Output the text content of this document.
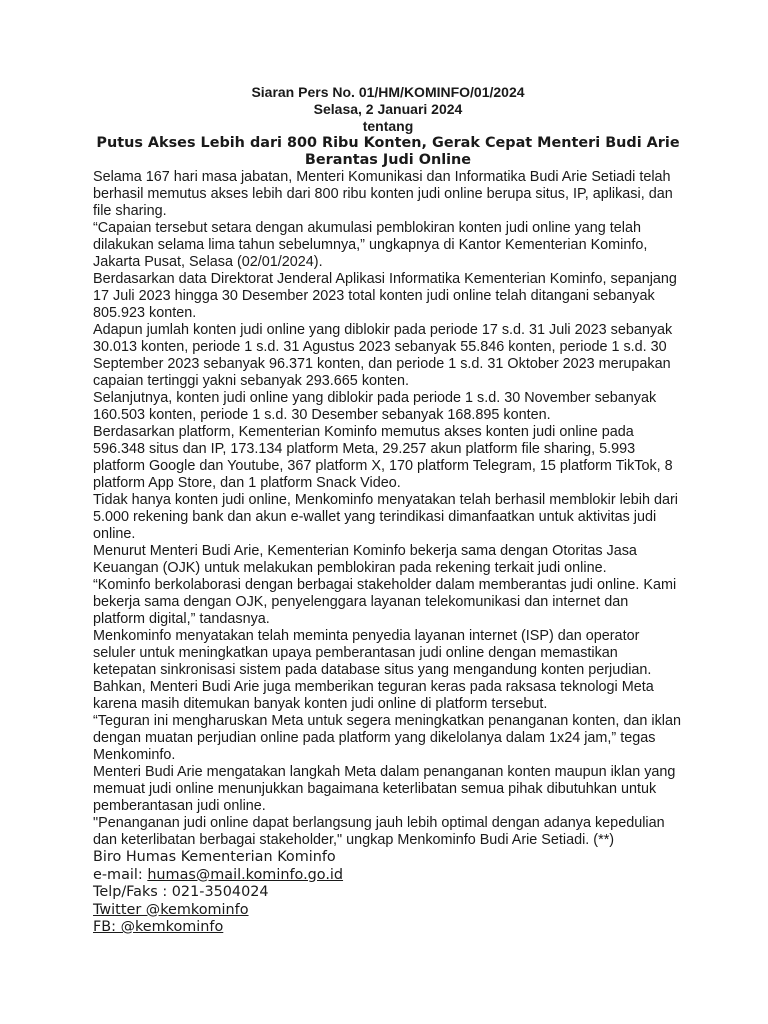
Siaran Pers No. 01/HM/KOMINFO/01/2024
Selasa, 2 Januari 2024
tentang
Putus Akses Lebih dari 800 Ribu Konten, Gerak Cepat Menteri Budi Arie Berantas Judi Online

Selama 167 hari masa jabatan, Menteri Komunikasi dan Informatika Budi Arie Setiadi telah berhasil memutus akses lebih dari 800 ribu konten judi online berupa situs, IP, aplikasi, dan file sharing.

“Capaian tersebut setara dengan akumulasi pemblokiran konten judi online yang telah dilakukan selama lima tahun sebelumnya,” ungkapnya di Kantor Kementerian Kominfo, Jakarta Pusat, Selasa (02/01/2024).

Berdasarkan data Direktorat Jenderal Aplikasi Informatika Kementerian Kominfo, sepanjang 17 Juli 2023 hingga 30 Desember 2023 total konten judi online telah ditangani sebanyak 805.923 konten.

Adapun jumlah konten judi online yang diblokir pada periode 17 s.d. 31 Juli 2023 sebanyak 30.013 konten, periode 1 s.d. 31 Agustus 2023 sebanyak 55.846 konten, periode 1 s.d. 30 September 2023 sebanyak 96.371 konten, dan periode 1 s.d. 31 Oktober 2023 merupakan capaian tertinggi yakni sebanyak 293.665 konten.

Selanjutnya, konten judi online yang diblokir pada periode 1 s.d. 30 November sebanyak 160.503 konten, periode 1 s.d. 30 Desember sebanyak 168.895 konten.

Berdasarkan platform, Kementerian Kominfo memutus akses konten judi online pada 596.348 situs dan IP, 173.134 platform Meta, 29.257 akun platform file sharing, 5.993 platform Google dan Youtube, 367 platform X, 170 platform Telegram, 15 platform TikTok, 8 platform App Store, dan 1 platform Snack Video.

Tidak hanya konten judi online, Menkominfo menyatakan telah berhasil memblokir lebih dari 5.000 rekening bank dan akun e-wallet yang terindikasi dimanfaatkan untuk aktivitas judi online.

Menurut Menteri Budi Arie, Kementerian Kominfo bekerja sama dengan Otoritas Jasa Keuangan (OJK) untuk melakukan pemblokiran pada rekening terkait judi online.

“Kominfo berkolaborasi dengan berbagai stakeholder dalam memberantas judi online. Kami bekerja sama dengan OJK, penyelenggara layanan telekomunikasi dan internet dan platform digital,” tandasnya.

Menkominfo menyatakan telah meminta penyedia layanan internet (ISP) dan operator seluler untuk meningkatkan upaya pemberantasan judi online dengan memastikan ketepatan sinkronisasi sistem pada database situs yang mengandung konten perjudian.

Bahkan, Menteri Budi Arie juga memberikan teguran keras pada raksasa teknologi Meta karena masih ditemukan banyak konten judi online di platform tersebut.

“Teguran ini mengharuskan Meta untuk segera meningkatkan penanganan konten, dan iklan dengan muatan perjudian online pada platform yang dikelolanya dalam 1x24 jam,” tegas Menkominfo.

Menteri Budi Arie mengatakan langkah Meta dalam penanganan konten maupun iklan yang memuat judi online menunjukkan bagaimana keterlibatan semua pihak dibutuhkan untuk pemberantasan judi online.

"Penanganan judi online dapat berlangsung jauh lebih optimal dengan adanya kepedulian dan keterlibatan berbagai stakeholder," ungkap Menkominfo Budi Arie Setiadi. (**)

Biro Humas Kementerian Kominfo

e-mail: humas@mail.kominfo.go.id

Telp/Faks : 021-3504024

Twitter @kemkominfo

FB: @kemkominfo
